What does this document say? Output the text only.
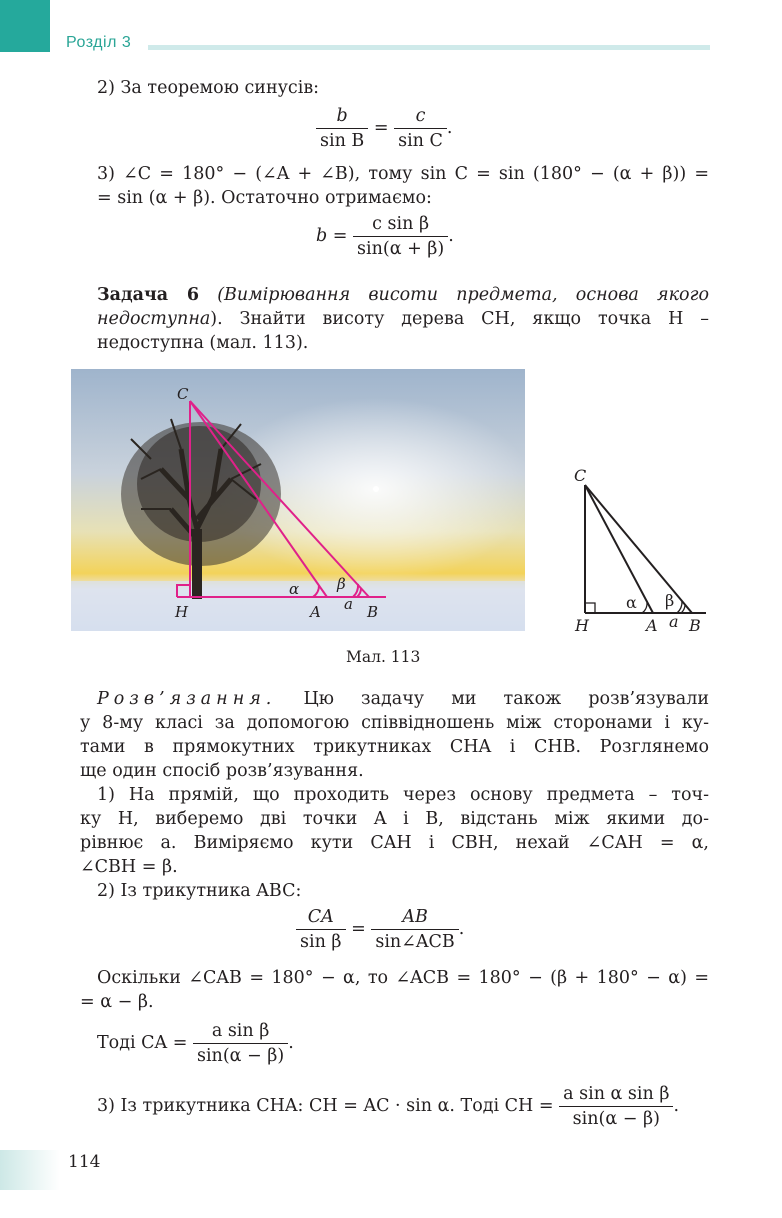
Розділ 3
2) За теоремою синусів:
$\frac{b}{\text{sin B}} = \frac{c}{\text{sin C}}$ .
3) ∠C = 180° − (∠A + ∠B), тому sin C = sin (180° − (α + β)) =
= sin (α + β). Остаточно отримаємо:
$b = \frac{\text{c sin β}}{\sin(\alpha + \beta)}$ .
Задача 6 (Вимірювання висоти предмета, основа якого
недоступна). Знайти висоту дерева CH, якщо точка H –
недоступна (мал. 113).
C
H	A	B
α	β
a
C
H	A B
α β
a
Мал. 113
Розв’язання. Цю задачу ми також розв’язували
у 8-му класі за допомогою співвідношень між сторонами і ку-
тами в прямокутних трикутниках CHA і CHB. Розглянемо
ще один спосіб розв’язування.
1) На прямій, що проходить через основу предмета – точ-
ку H, виберемо дві точки A і B, відстань між якими до-
рівнює a. Виміряємо кути CAH і CBH, нехай ∠CAH = α,
∠CBH = β.
2) Із трикутника ABC:
$\frac{CA}{\text{sin β}} = \frac{AB}{\text{sin∠ACB}}$ .
Оскільки ∠CAB = 180° − α, то ∠ACB = 180° − (β + 180° − α) =
= α − β.
Тоді CA = $\frac{\text{a sin β}}{\sin(\alpha - \beta)}$ .
3) Із трикутника CHA: CH = AC · sin α. Тоді CH = $\frac{\text{a sin α sin β}}{\sin(\alpha - \beta)}$ .
114
